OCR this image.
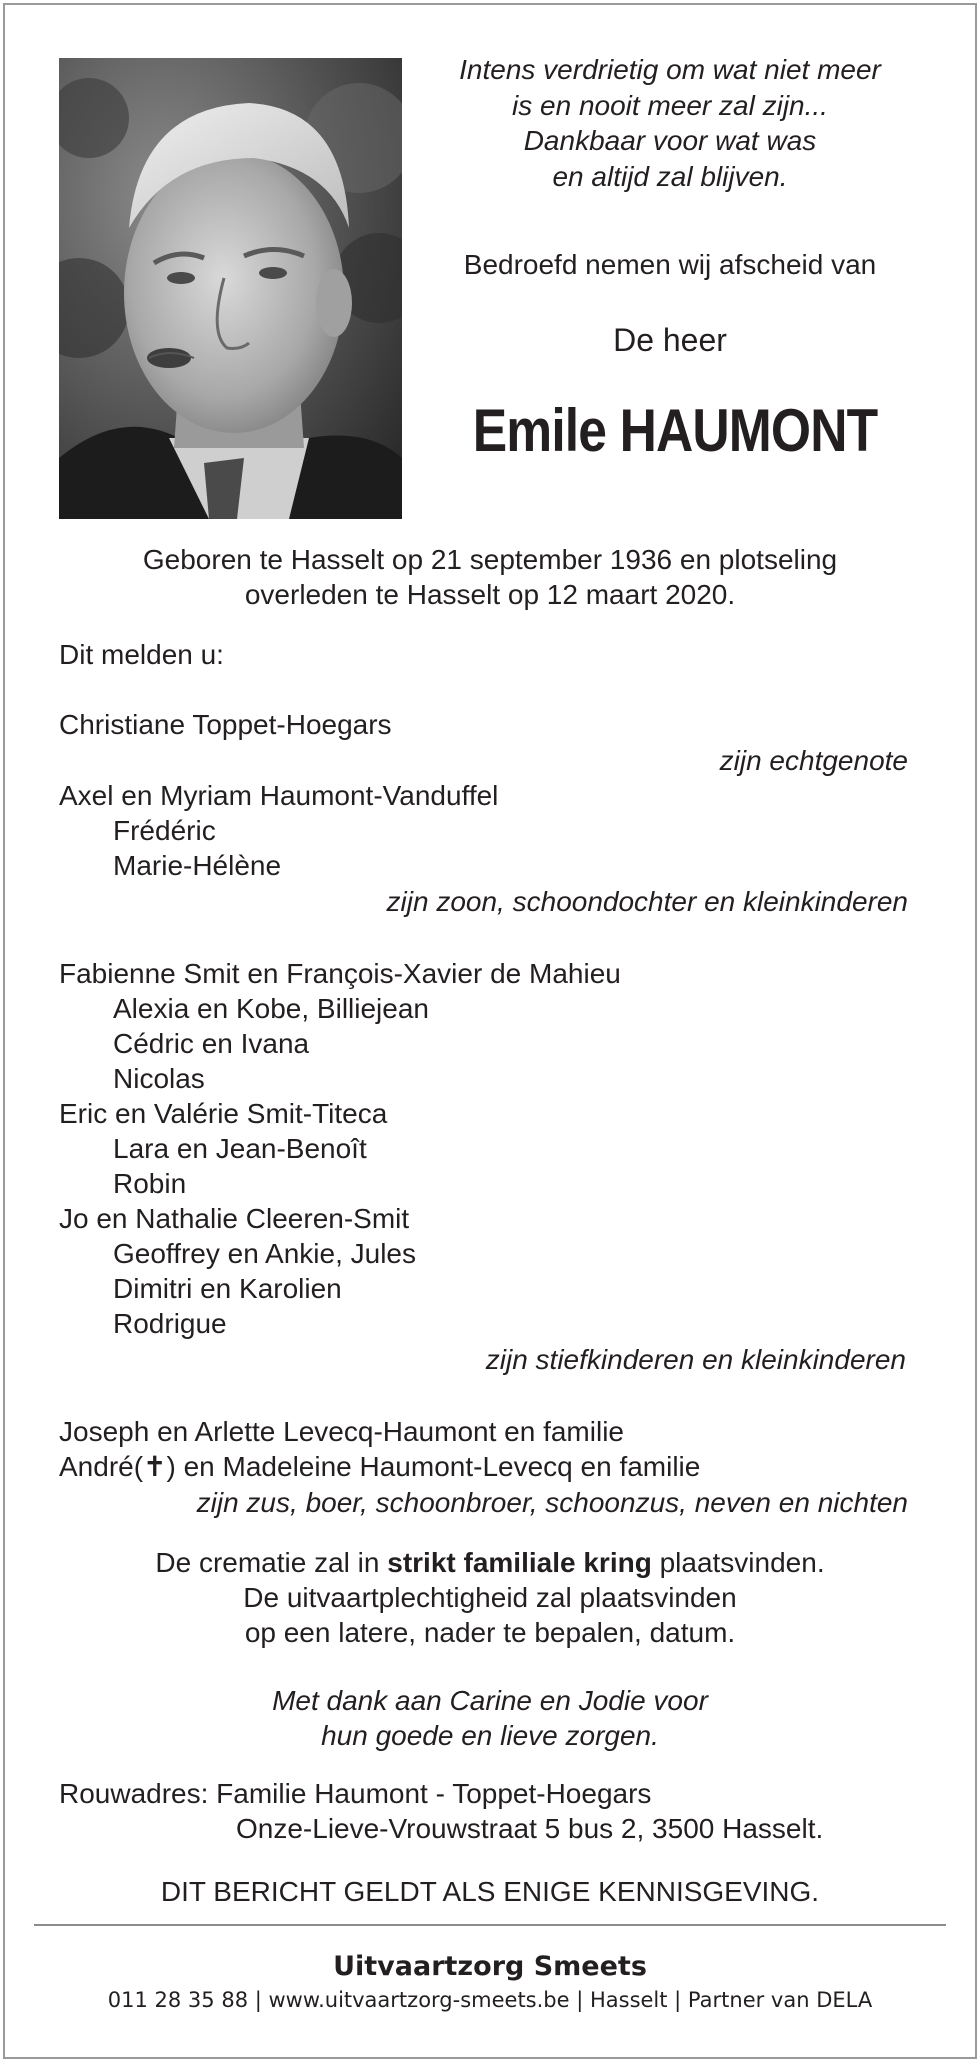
Intens verdrietig om wat niet meer
is en nooit meer zal zijn...
Dankbaar voor wat was
en altijd zal blijven.
Bedroefd nemen wij afscheid van
De heer
Emile HAUMONT
Geboren te Hasselt op 21 september 1936 en plotseling
overleden te Hasselt op 12 maart 2020.
Dit melden u:
Christiane Toppet-Hoegars
zijn echtgenote
Axel en Myriam Haumont-Vanduffel
Frédéric
Marie-Hélène
zijn zoon, schoondochter en kleinkinderen
Fabienne Smit en François-Xavier de Mahieu
Alexia en Kobe, Billiejean
Cédric en Ivana
Nicolas
Eric en Valérie Smit-Titeca
Lara en Jean-Benoît
Robin
Jo en Nathalie Cleeren-Smit
Geoffrey en Ankie, Jules
Dimitri en Karolien
Rodrigue
zijn stiefkinderen en kleinkinderen
Joseph en Arlette Levecq-Haumont en familie
André(✝) en Madeleine Haumont-Levecq en familie
zijn zus, boer, schoonbroer, schoonzus, neven en nichten
De crematie zal in strikt familiale kring plaatsvinden.
De uitvaartplechtigheid zal plaatsvinden
op een latere, nader te bepalen, datum.
Met dank aan Carine en Jodie voor
hun goede en lieve zorgen.
Rouwadres: Familie Haumont - Toppet-Hoegars
Onze-Lieve-Vrouwstraat 5 bus 2, 3500 Hasselt.
DIT BERICHT GELDT ALS ENIGE KENNISGEVING.
Uitvaartzorg Smeets
011 28 35 88 | www.uitvaartzorg-smeets.be | Hasselt | Partner van DELA
